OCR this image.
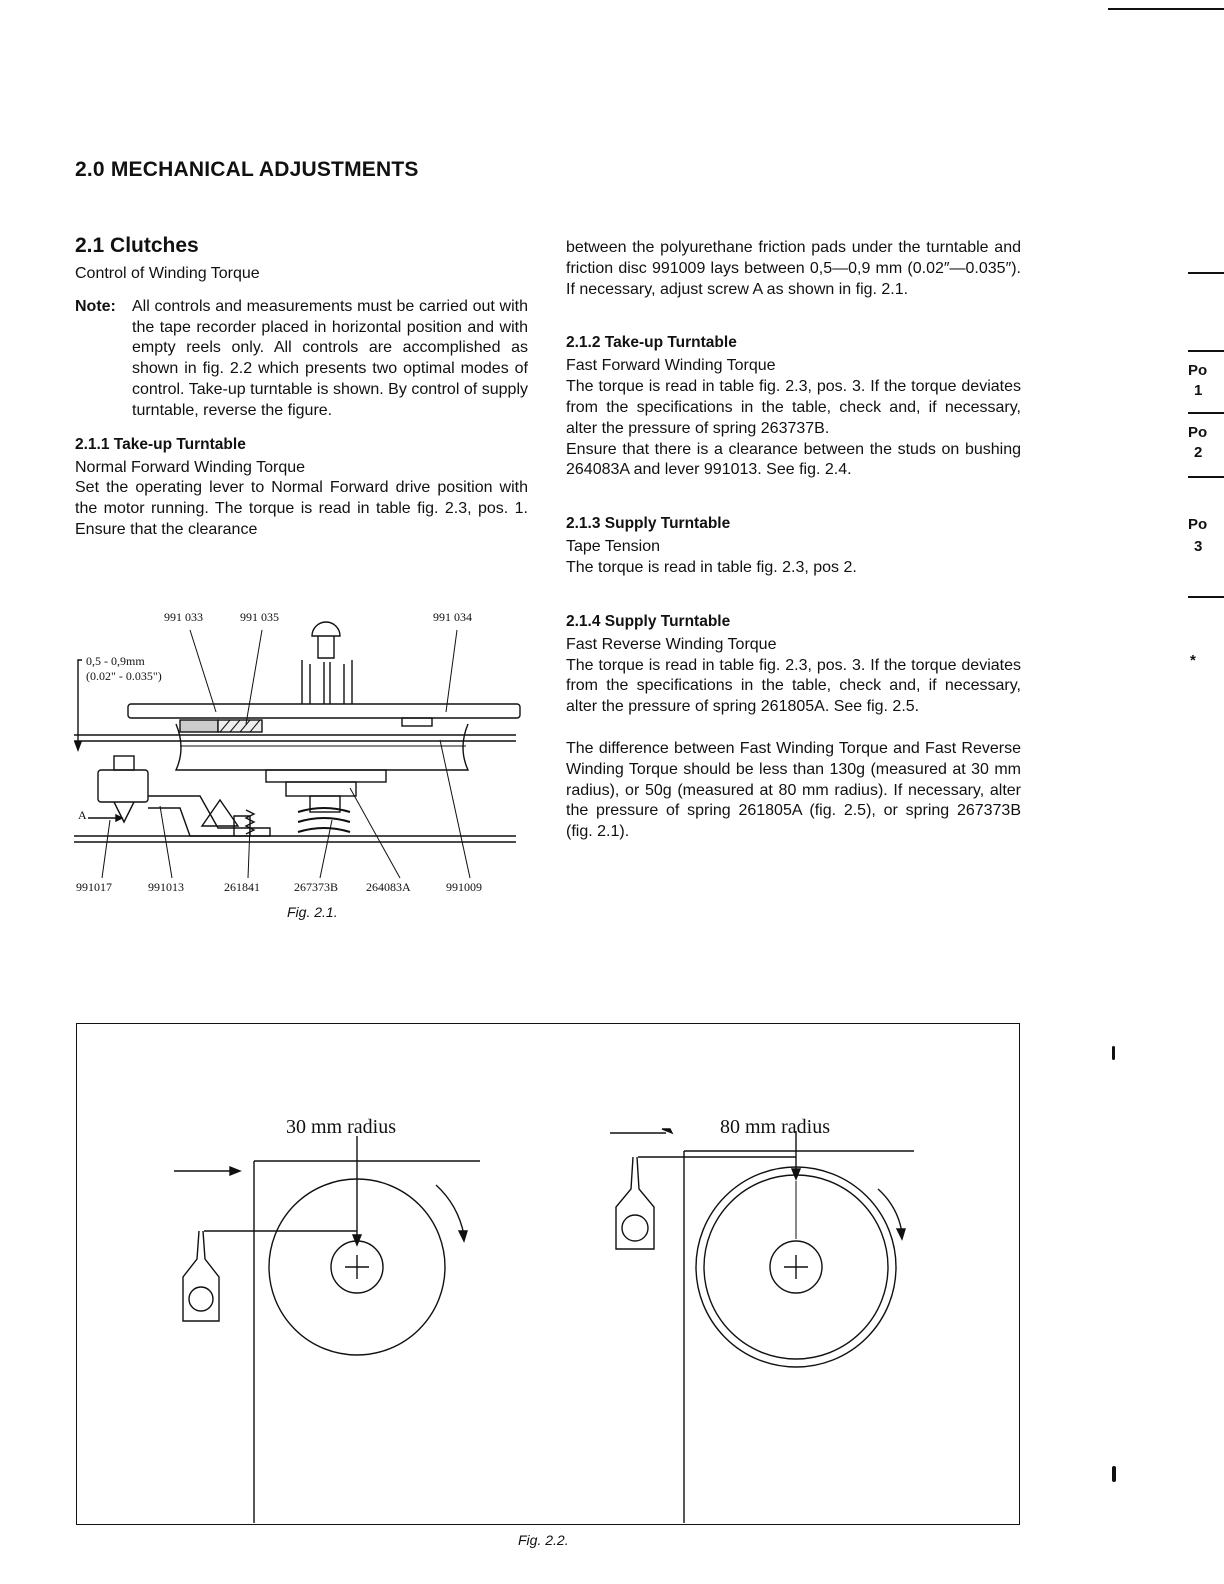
2.0 MECHANICAL ADJUSTMENTS
2.1 Clutches

Control of Winding Torque

Note:	All controls and measurements must be carried out with the tape recorder placed in horizontal position and with empty reels only. All controls are accomplished as shown in fig. 2.2 which presents two optimal modes of control. Take-up turntable is shown. By control of supply turntable, reverse the figure.

2.1.1 Take-up Turntable

Normal Forward Winding Torque

Set the operating lever to Normal Forward drive position with the motor running. The torque is read in table fig. 2.3, pos. 1. Ensure that the clearance

between the polyurethane friction pads under the turntable and friction disc 991009 lays between 0,5—0,9 mm (0.02″—0.035″). If necessary, adjust screw A as shown in fig. 2.1.

2.1.2 Take-up Turntable

Fast Forward Winding Torque

The torque is read in table fig. 2.3, pos. 3. If the torque deviates from the specifications in the table, check and, if necessary, alter the pressure of spring 263737B.

Ensure that there is a clearance between the studs on bushing 264083A and lever 991013. See fig. 2.4.

2.1.3 Supply Turntable

Tape Tension

The torque is read in table fig. 2.3, pos 2.

2.1.4 Supply Turntable

Fast Reverse Winding Torque

The torque is read in table fig. 2.3, pos. 3. If the torque deviates from the specifications in the table, check and, if necessary, alter the pressure of spring 261805A. See fig. 2.5.

The difference between Fast Winding Torque and Fast Reverse Winding Torque should be less than 130g (measured at 30 mm radius), or 50g (measured at 80 mm radius). If necessary, alter the pressure of spring 261805A (fig. 2.5), or spring 267373B (fig. 2.1).

991 033	991 035	991 034
0,5 - 0,9mm
(0.02" - 0.035")
A
991017	991013	261841	267373B 264083A	991009
Fig. 2.1.
30 mm radius	80 mm radius
Fig. 2.2.
Po
1
Po
2
Po
3
*
